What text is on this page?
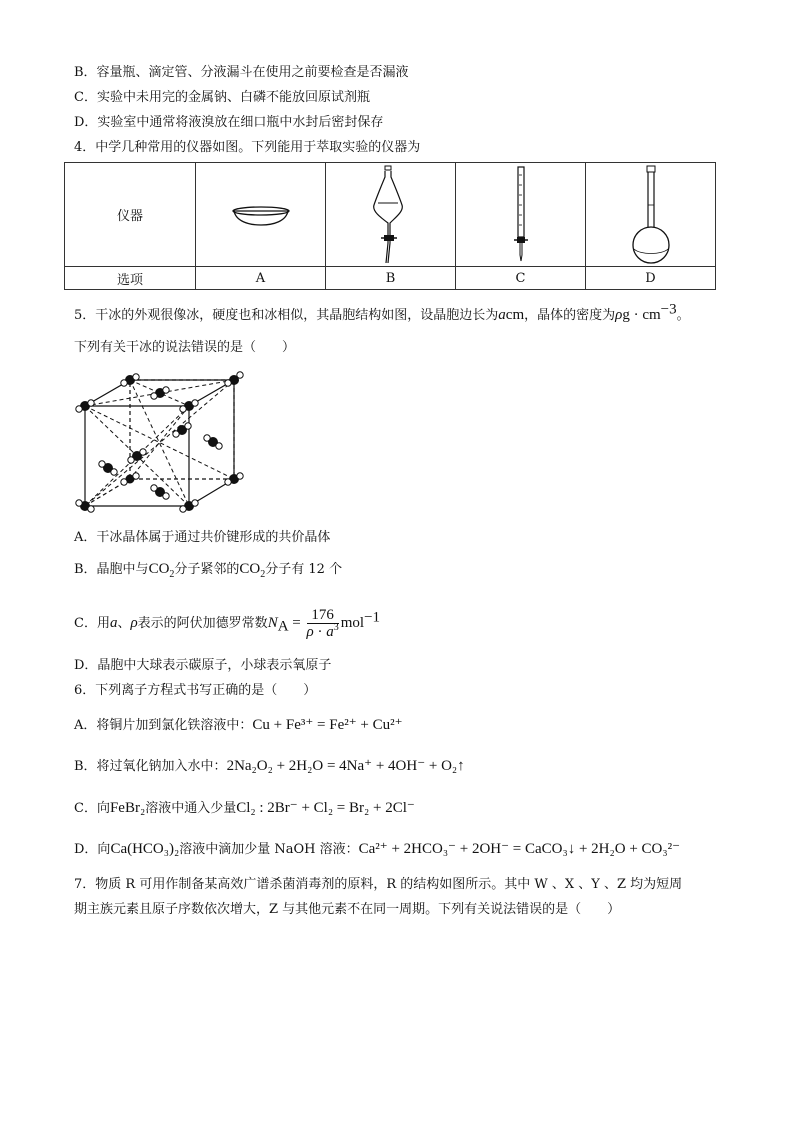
B．容量瓶、滴定管、分液漏斗在使用之前要检查是否漏液
C．实验中未用完的金属钠、白磷不能放回原试剂瓶
D．实验室中通常将液溴放在细口瓶中水封后密封保存
4．中学几种常用的仪器如图。下列能用于萃取实验的仪器为
仪器	

选项	A	B	C	D
5．干冰的外观很像冰，硬度也和冰相似，其晶胞结构如图，设晶胞边长为acm，晶体的密度为$\rho g \cdot cm^{-3}$。
下列有关干冰的说法错误的是（　　）
A．干冰晶体属于通过共价键形成的共价晶体
B．晶胞中与$CO_2$分子紧邻的$CO_2$分子有 12 个
C．用a、ρ表示的阿伏加德罗常数$N_A = \frac{176}{\rho \cdot a^3} mol^{-1}$
D．晶胞中大球表示碳原子，小球表示氧原子
6．下列离子方程式书写正确的是（　　）
A．将铜片加到氯化铁溶液中：Cu + Fe³⁺ = Fe²⁺ + Cu²⁺
B．将过氧化钠加入水中：2Na₂O₂ + 2H₂O = 4Na⁺ + 4OH⁻ + O₂↑
C．向FeBr₂溶液中通入少量Cl₂ : 2Br⁻ + Cl₂ = Br₂ + 2Cl⁻
D．向Ca(HCO₃)₂溶液中滴加少量 NaOH 溶液：Ca²⁺ + 2HCO₃⁻ + 2OH⁻ = CaCO₃↓ + 2H₂O + CO₃²⁻
7．物质 R 可用作制备某高效广谱杀菌消毒剂的原料，R 的结构如图所示。其中 W 、X 、Y 、Z 均为短周
期主族元素且原子序数依次增大，Z 与其他元素不在同一周期。下列有关说法错误的是（　　）
